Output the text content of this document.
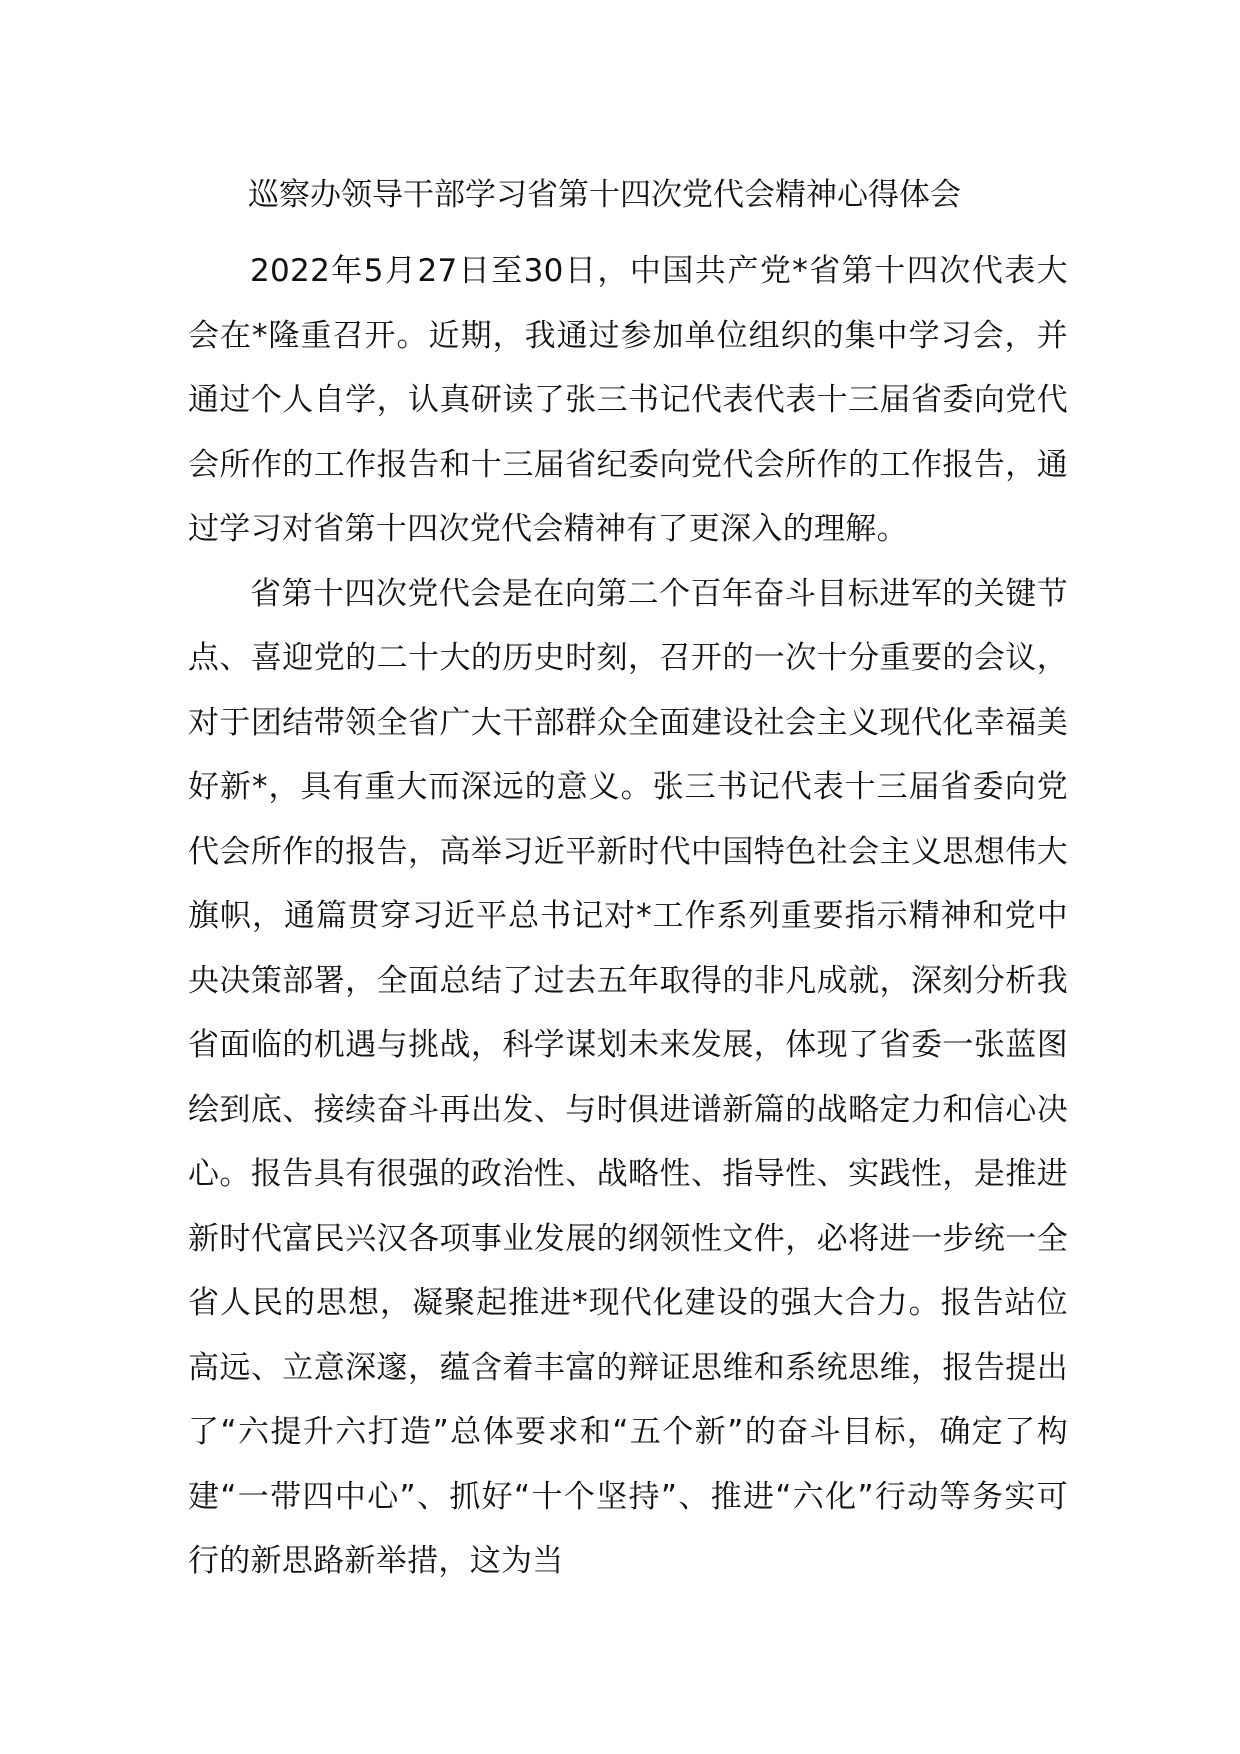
巡察办领导干部学习省第十四次党代会精神心得体会

2022年5月27日至30日，中国共产党*省第十四次代表大会在*隆重召开。近期，我通过参加单位组织的集中学习会，并通过个人自学，认真研读了张三书记代表代表十三届省委向党代会所作的工作报告和十三届省纪委向党代会所作的工作报告，通过学习对省第十四次党代会精神有了更深入的理解。

省第十四次党代会是在向第二个百年奋斗目标进军的关键节点、喜迎党的二十大的历史时刻，召开的一次十分重要的会议，对于团结带领全省广大干部群众全面建设社会主义现代化幸福美好新*，具有重大而深远的意义。张三书记代表十三届省委向党代会所作的报告，高举习近平新时代中国特色社会主义思想伟大旗帜，通篇贯穿习近平总书记对*工作系列重要指示精神和党中央决策部署，全面总结了过去五年取得的非凡成就，深刻分析我省面临的机遇与挑战，科学谋划未来发展，体现了省委一张蓝图绘到底、接续奋斗再出发、与时俱进谱新篇的战略定力和信心决心。报告具有很强的政治性、战略性、指导性、实践性，是推进新时代富民兴汉各项事业发展的纲领性文件，必将进一步统一全省人民的思想，凝聚起推进*现代化建设的强大合力。报告站位高远、立意深邃，蕴含着丰富的辩证思维和系统思维，报告提出了“六提升六打造”总体要求和“五个新”的奋斗目标，确定了构建“一带四中心”、抓好“十个坚持”、推进“六化”行动等务实可行的新思路新举措，这为当
